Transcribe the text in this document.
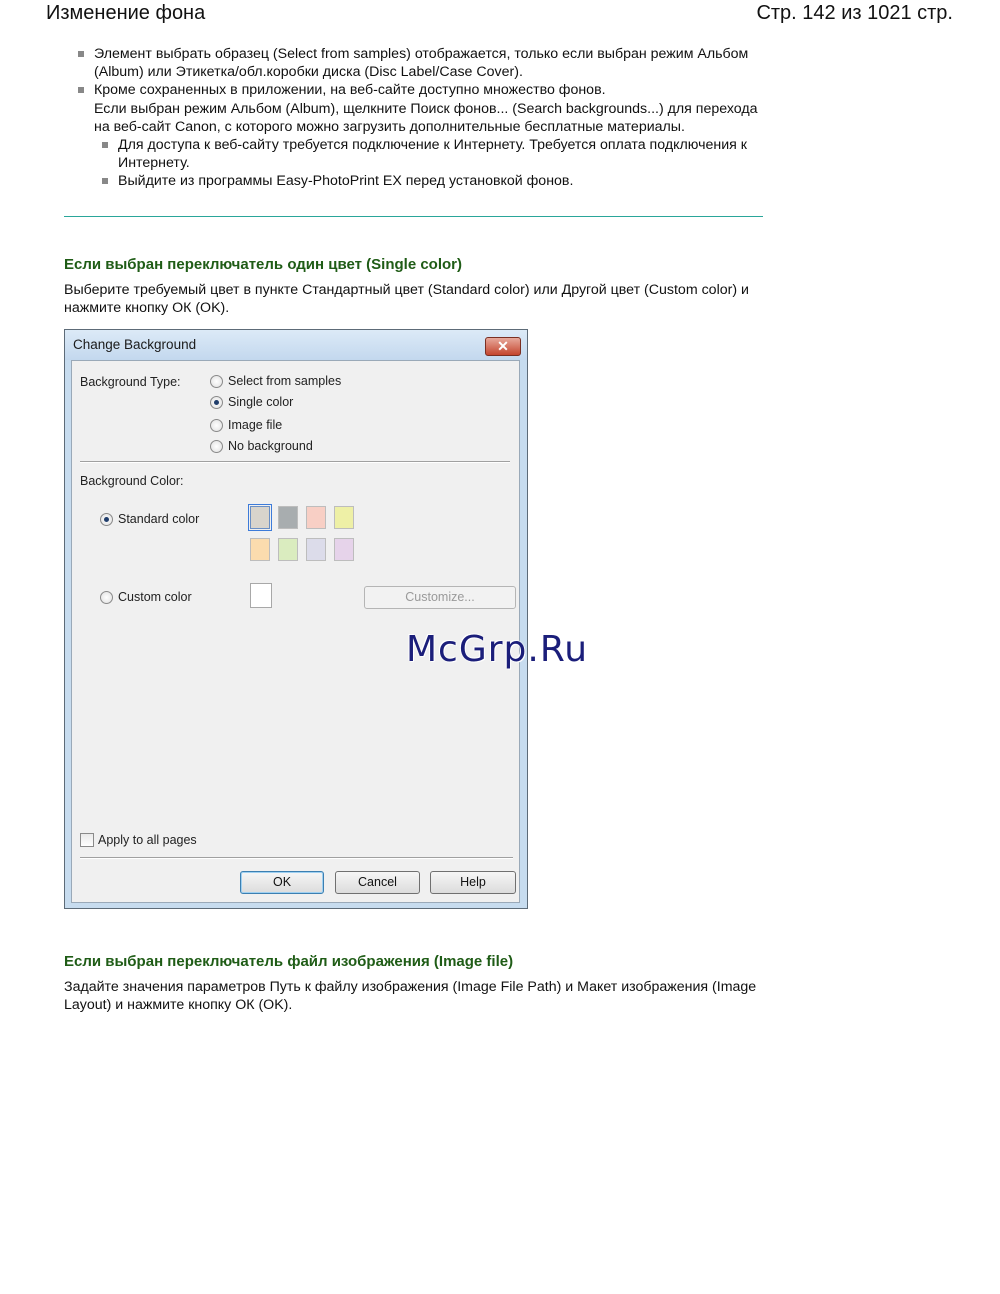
Изменение фона	Стр. 142 из 1021 стр.

Элемент выбрать образец (Select from samples) отображается, только если выбран режим Альбом (Album) или Этикетка/обл.коробки диска (Disc Label/Case Cover).

Кроме сохраненных в приложении, на веб-сайте доступно множество фонов.

Если выбран режим Альбом (Album), щелкните Поиск фонов... (Search backgrounds...) для перехода на веб-сайт Canon, с которого можно загрузить дополнительные бесплатные материалы.

Для доступа к веб-сайту требуется подключение к Интернету. Требуется оплата подключения к Интернету.

Выйдите из программы Easy-PhotoPrint EX перед установкой фонов.

Если выбран переключатель один цвет (Single color)

Выберите требуемый цвет в пункте Стандартный цвет (Standard color) или Другой цвет (Custom color) и нажмите кнопку ОК (OK).

Change Background	✕
Background Type:	Select from samples
Single color
Image file
No background
Background Color:
Standard color
Custom color	Customize...
Apply to all pages
OK	Cancel	Help
McGrp.Ru
Если выбран переключатель файл изображения (Image file)

Задайте значения параметров Путь к файлу изображения (Image File Path) и Макет изображения (Image Layout) и нажмите кнопку ОК (OK).
